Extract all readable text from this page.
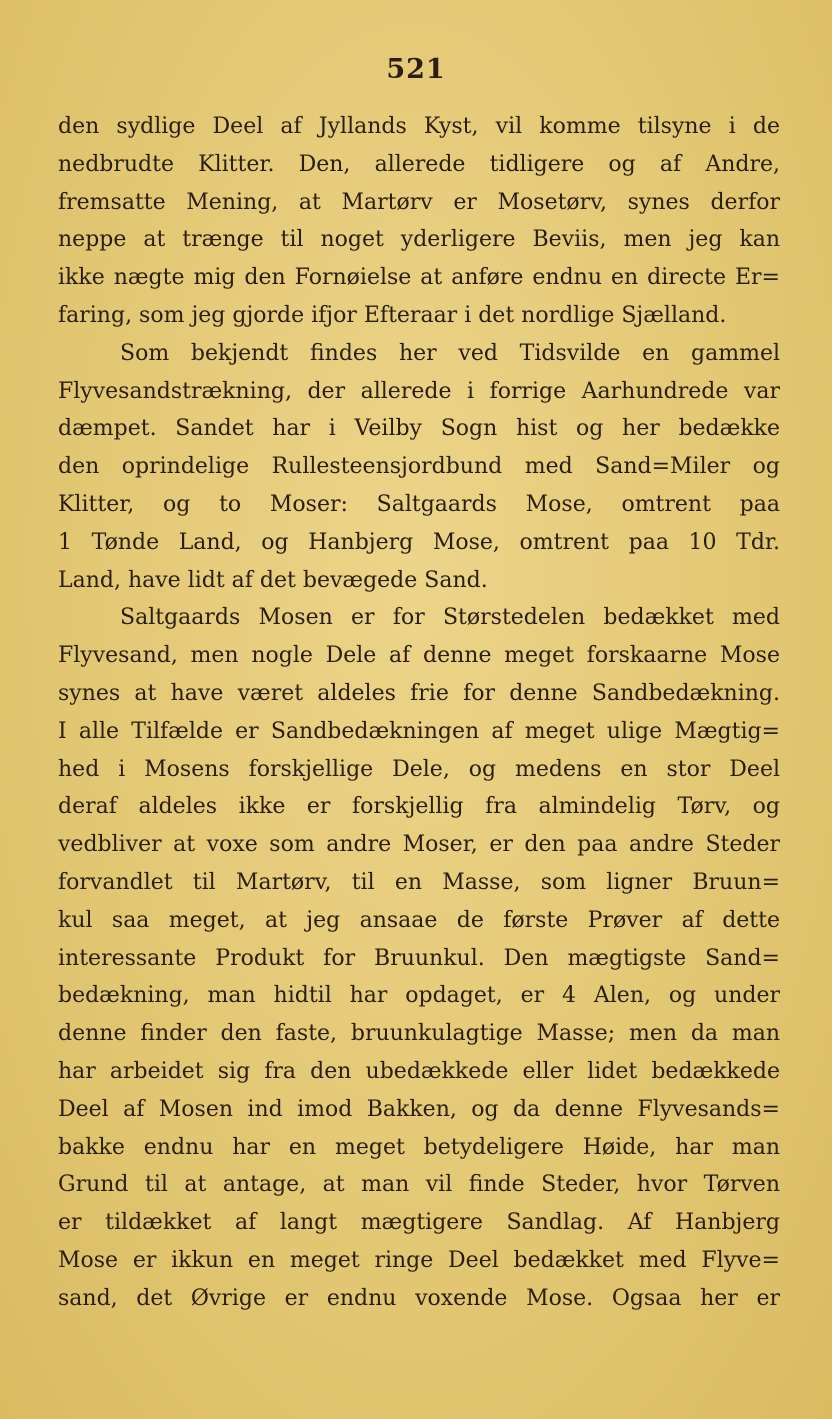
521
den sydlige Deel af Jyllands Kyst, vil komme tilsyne i de
nedbrudte Klitter. Den, allerede tidligere og af Andre,
fremsatte Mening, at Martørv er Mosetørv, synes derfor
neppe at trænge til noget yderligere Beviis, men jeg kan
ikke nægte mig den Fornøielse at anføre endnu en directe Er=
faring, som jeg gjorde ifjor Efteraar i det nordlige Sjælland.
Som bekjendt findes her ved Tidsvilde en gammel
Flyvesandstrækning, der allerede i forrige Aarhundrede var
dæmpet. Sandet har i Veilby Sogn hist og her bedække
den oprindelige Rullesteensjordbund med Sand=Miler og
Klitter, og to Moser: Saltgaards Mose, omtrent paa
1 Tønde Land, og Hanbjerg Mose, omtrent paa 10 Tdr.
Land, have lidt af det bevægede Sand.
Saltgaards Mosen er for Størstedelen bedækket med
Flyvesand, men nogle Dele af denne meget forskaarne Mose
synes at have været aldeles frie for denne Sandbedækning.
I alle Tilfælde er Sandbedækningen af meget ulige Mægtig=
hed i Mosens forskjellige Dele, og medens en stor Deel
deraf aldeles ikke er forskjellig fra almindelig Tørv, og
vedbliver at voxe som andre Moser, er den paa andre Steder
forvandlet til Martørv, til en Masse, som ligner Bruun=
kul saa meget, at jeg ansaae de første Prøver af dette
interessante Produkt for Bruunkul. Den mægtigste Sand=
bedækning, man hidtil har opdaget, er 4 Alen, og under
denne finder den faste, bruunkulagtige Masse; men da man
har arbeidet sig fra den ubedækkede eller lidet bedækkede
Deel af Mosen ind imod Bakken, og da denne Flyvesands=
bakke endnu har en meget betydeligere Høide, har man
Grund til at antage, at man vil finde Steder, hvor Tørven
er tildækket af langt mægtigere Sandlag. Af Hanbjerg
Mose er ikkun en meget ringe Deel bedækket med Flyve=
sand, det Øvrige er endnu voxende Mose. Ogsaa her er
